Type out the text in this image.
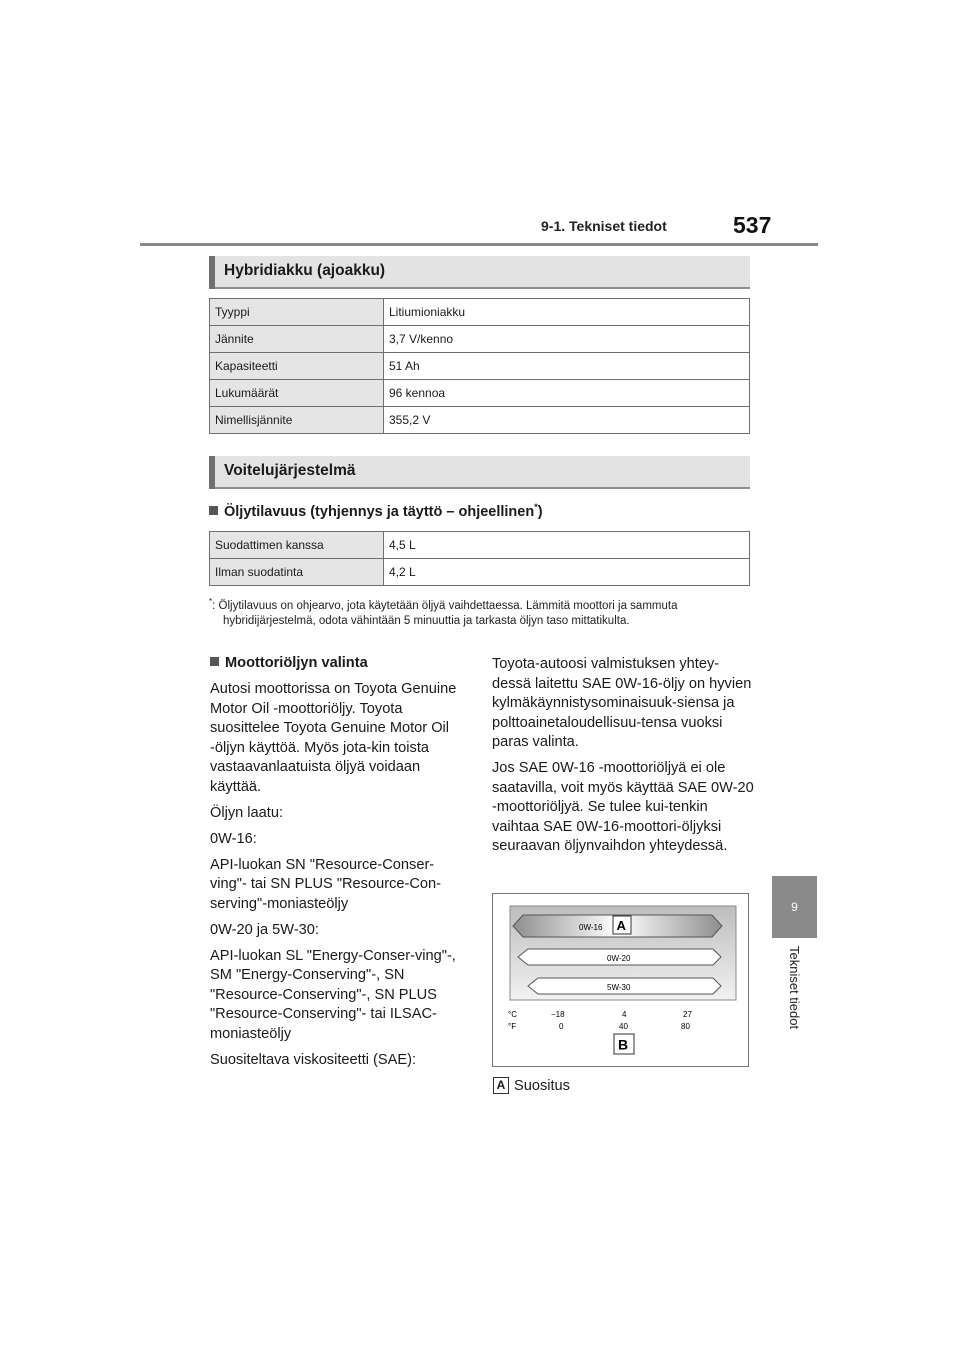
9-1. Tekniset tiedot	537
9
Tekniset tiedot
Hybridiakku (ajoakku)
Tyyppi	Litiumioniakku
Jännite	3,7 V/kenno
Kapasiteetti	51 Ah
Lukumäärät	96 kennoa
Nimellisjännite	355,2 V
Voitelujärjestelmä
Öljytilavuus (tyhjennys ja täyttö – ohjeellinen*)
Suodattimen kanssa	4,5 L
Ilman suodatinta	4,2 L
*: Öljytilavuus on ohjearvo, jota käytetään öljyä vaihdettaessa. Lämmitä moottori ja sammuta hybridijärjestelmä, odota vähintään 5 minuuttia ja tarkasta öljyn taso mittatikulta.

Moottoriöljyn valinta

Autosi moottorissa on Toyota Genuine Motor Oil -moottoriöljy. Toyota suosittelee Toyota Genuine Motor Oil -öljyn käyttöä. Myös jota-kin toista vastaavanlaatuista öljyä voidaan käyttää.

Öljyn laatu:

0W-16:

API-luokan SN "Resource-Conser-ving"- tai SN PLUS "Resource-Con-serving"-moniasteöljy

0W-20 ja 5W-30:

API-luokan SL "Energy-Conser-ving"-, SM "Energy-Conserving"-, SN "Resource-Conserving"-, SN PLUS "Resource-Conserving"- tai ILSAC-moniasteöljy

Suositeltava viskositeetti (SAE):

Toyota-autoosi valmistuksen yhtey-dessä laitettu SAE 0W-16-öljy on hyvien kylmäkäynnistysominaisuuk-siensa ja polttoainetaloudellisuu-tensa vuoksi paras valinta.

Jos SAE 0W-16 -moottoriöljyä ei ole saatavilla, voit myös käyttää SAE 0W-20 -moottoriöljyä. Se tulee kui-tenkin vaihtaa SAE 0W-16-moottori-öljyksi seuraavan öljynvaihdon yhteydessä.

0W-16 A
0W-20
5W-30
°C
°F
−18	4	27
0	40	80
B
A Suositus
